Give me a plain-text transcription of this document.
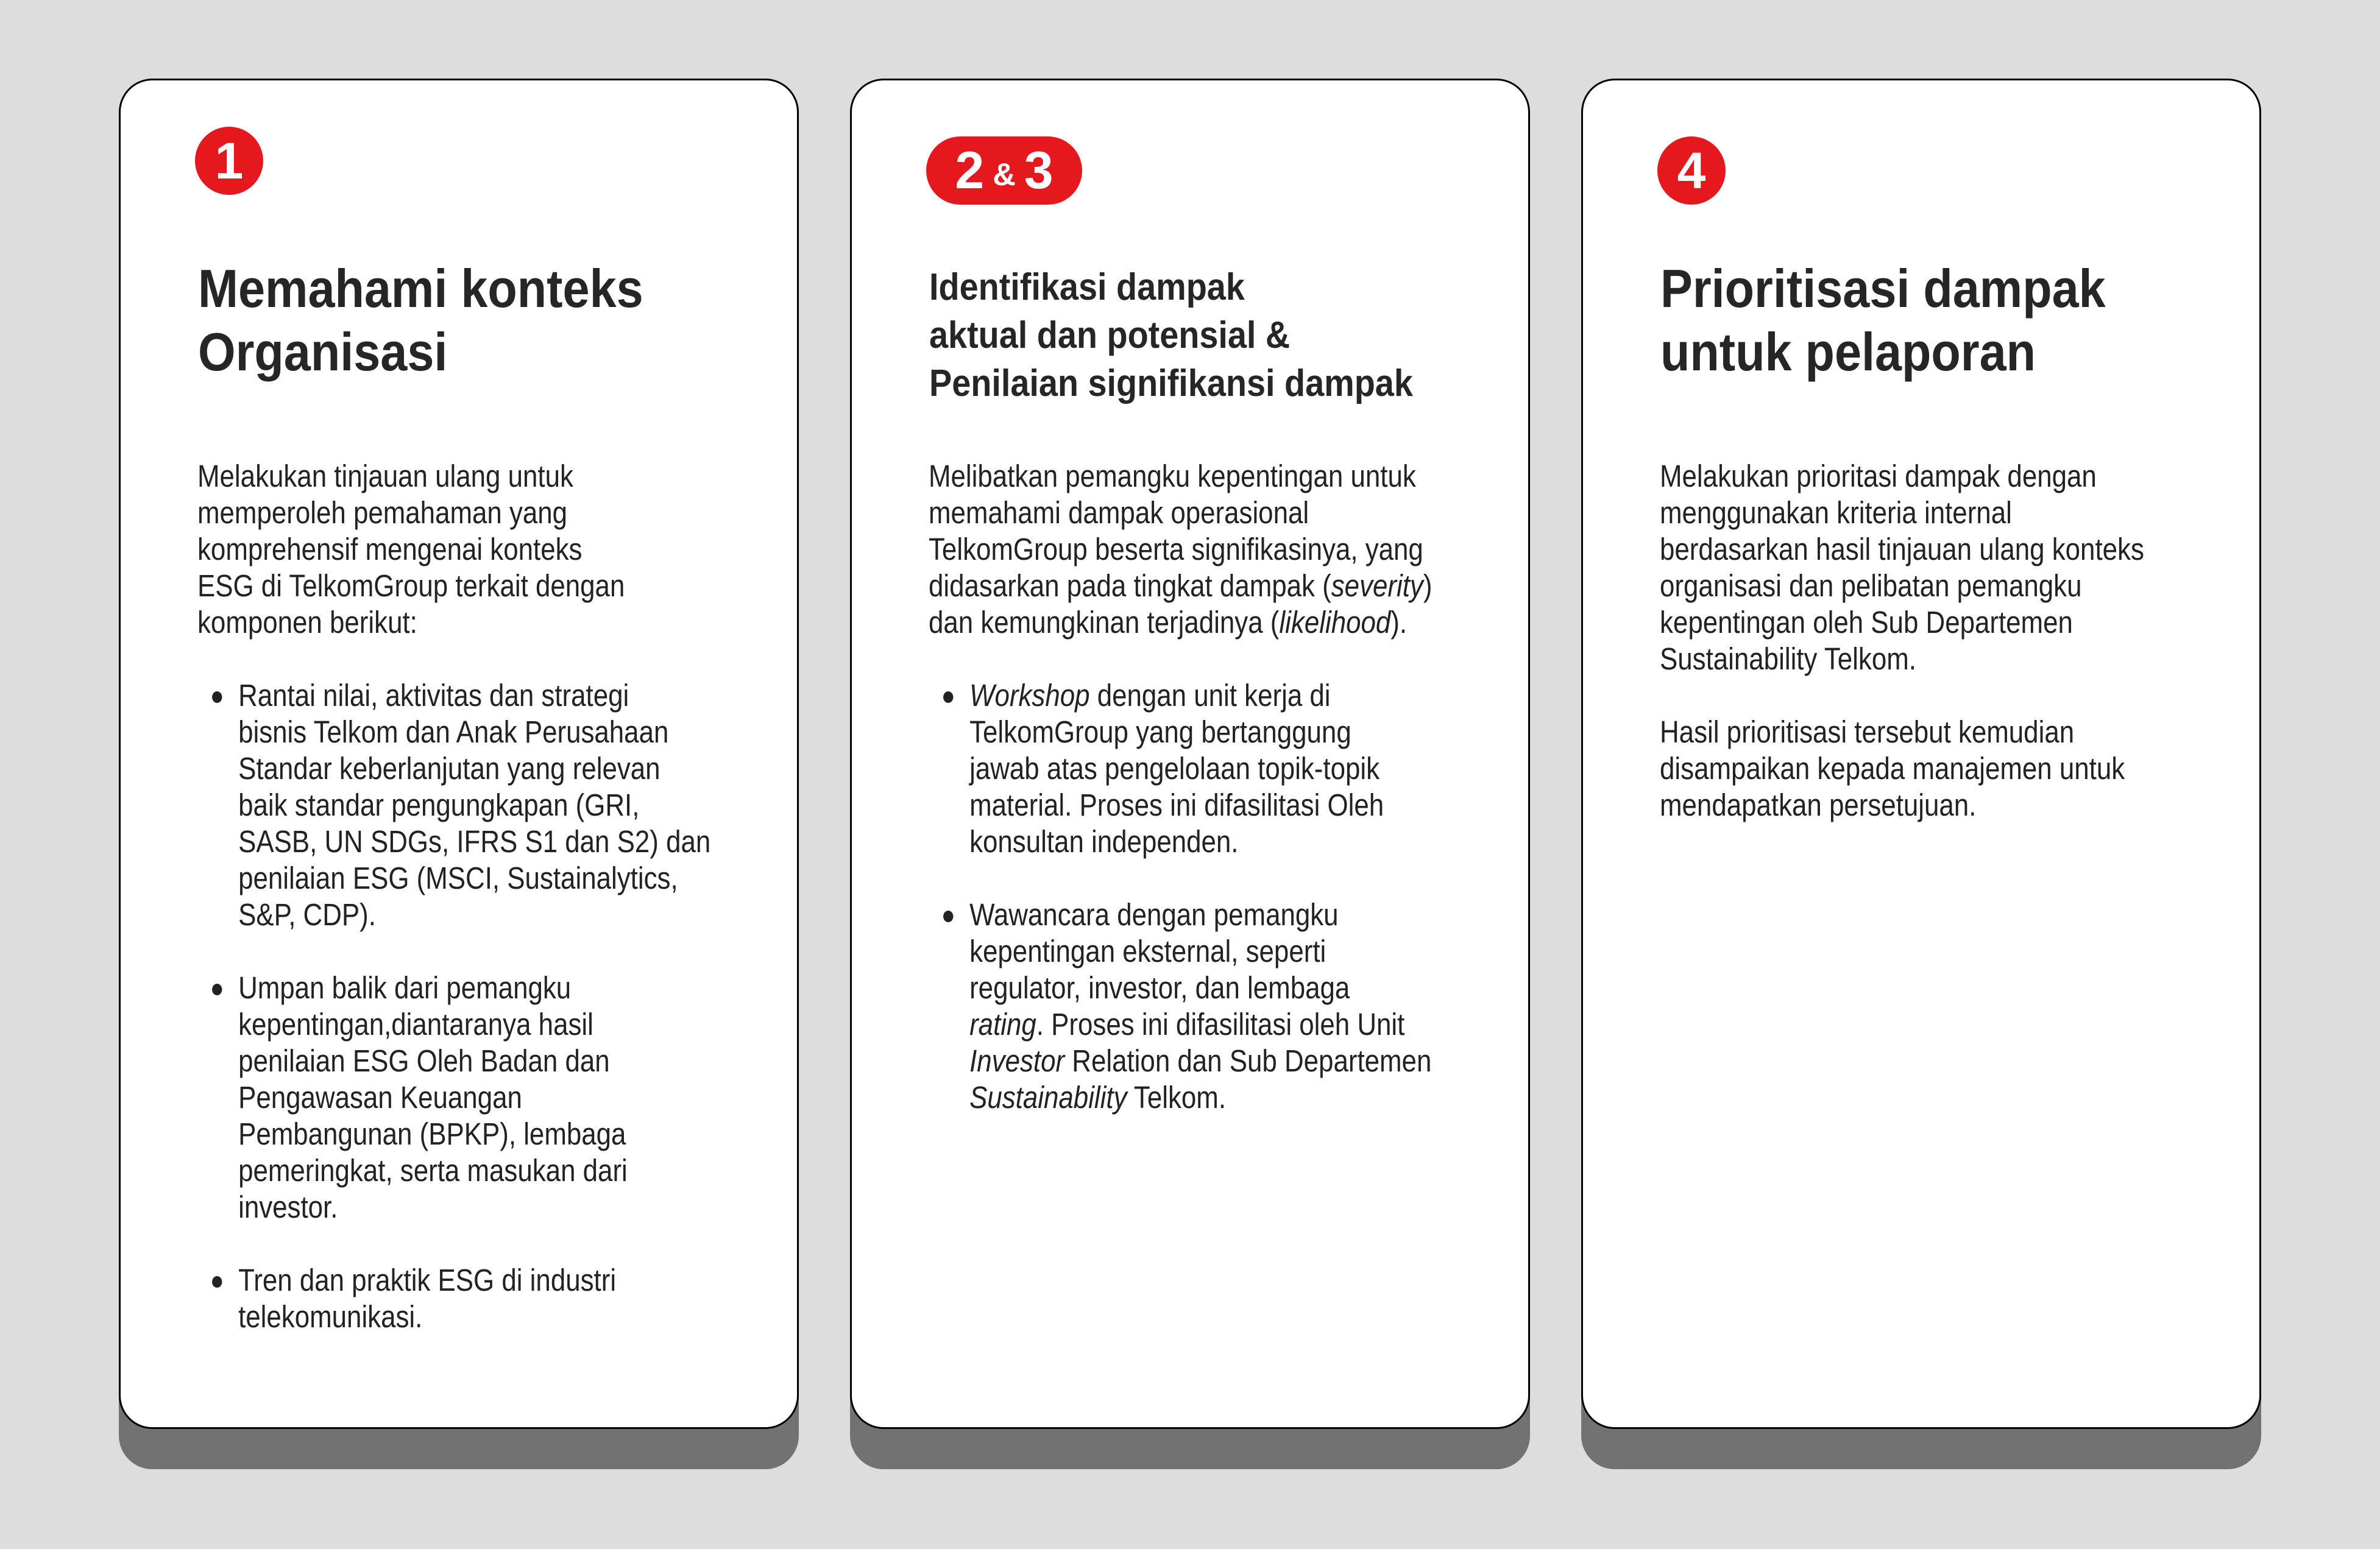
1
Memahami konteks
Organisasi
Melakukan tinjauan ulang untuk
memperoleh pemahaman yang
komprehensif mengenai konteks
ESG di TelkomGroup terkait dengan
komponen berikut:
Rantai nilai, aktivitas dan strategi
bisnis Telkom dan Anak Perusahaan
Standar keberlanjutan yang relevan
baik standar pengungkapan (GRI,
SASB, UN SDGs, IFRS S1 dan S2) dan
penilaian ESG (MSCI, Sustainalytics,
S&P, CDP).
Umpan balik dari pemangku
kepentingan,diantaranya hasil
penilaian ESG Oleh Badan dan
Pengawasan Keuangan
Pembangunan (BPKP), lembaga
pemeringkat, serta masukan dari
investor.
Tren dan praktik ESG di industri
telekomunikasi.
2 & 3
Identifikasi dampak
aktual dan potensial &
Penilaian signifikansi dampak
Melibatkan pemangku kepentingan untuk
memahami dampak operasional
TelkomGroup beserta signifikasinya, yang
didasarkan pada tingkat dampak (severity)
dan kemungkinan terjadinya (likelihood).
Workshop dengan unit kerja di
TelkomGroup yang bertanggung
jawab atas pengelolaan topik-topik
material. Proses ini difasilitasi Oleh
konsultan independen.
Wawancara dengan pemangku
kepentingan eksternal, seperti
regulator, investor, dan lembaga
rating. Proses ini difasilitasi oleh Unit
Investor Relation dan Sub Departemen
Sustainability Telkom.
4
Prioritisasi dampak
untuk pelaporan
Melakukan prioritasi dampak dengan
menggunakan kriteria internal
berdasarkan hasil tinjauan ulang konteks
organisasi dan pelibatan pemangku
kepentingan oleh Sub Departemen
Sustainability Telkom.
Hasil prioritisasi tersebut kemudian
disampaikan kepada manajemen untuk
mendapatkan persetujuan.
